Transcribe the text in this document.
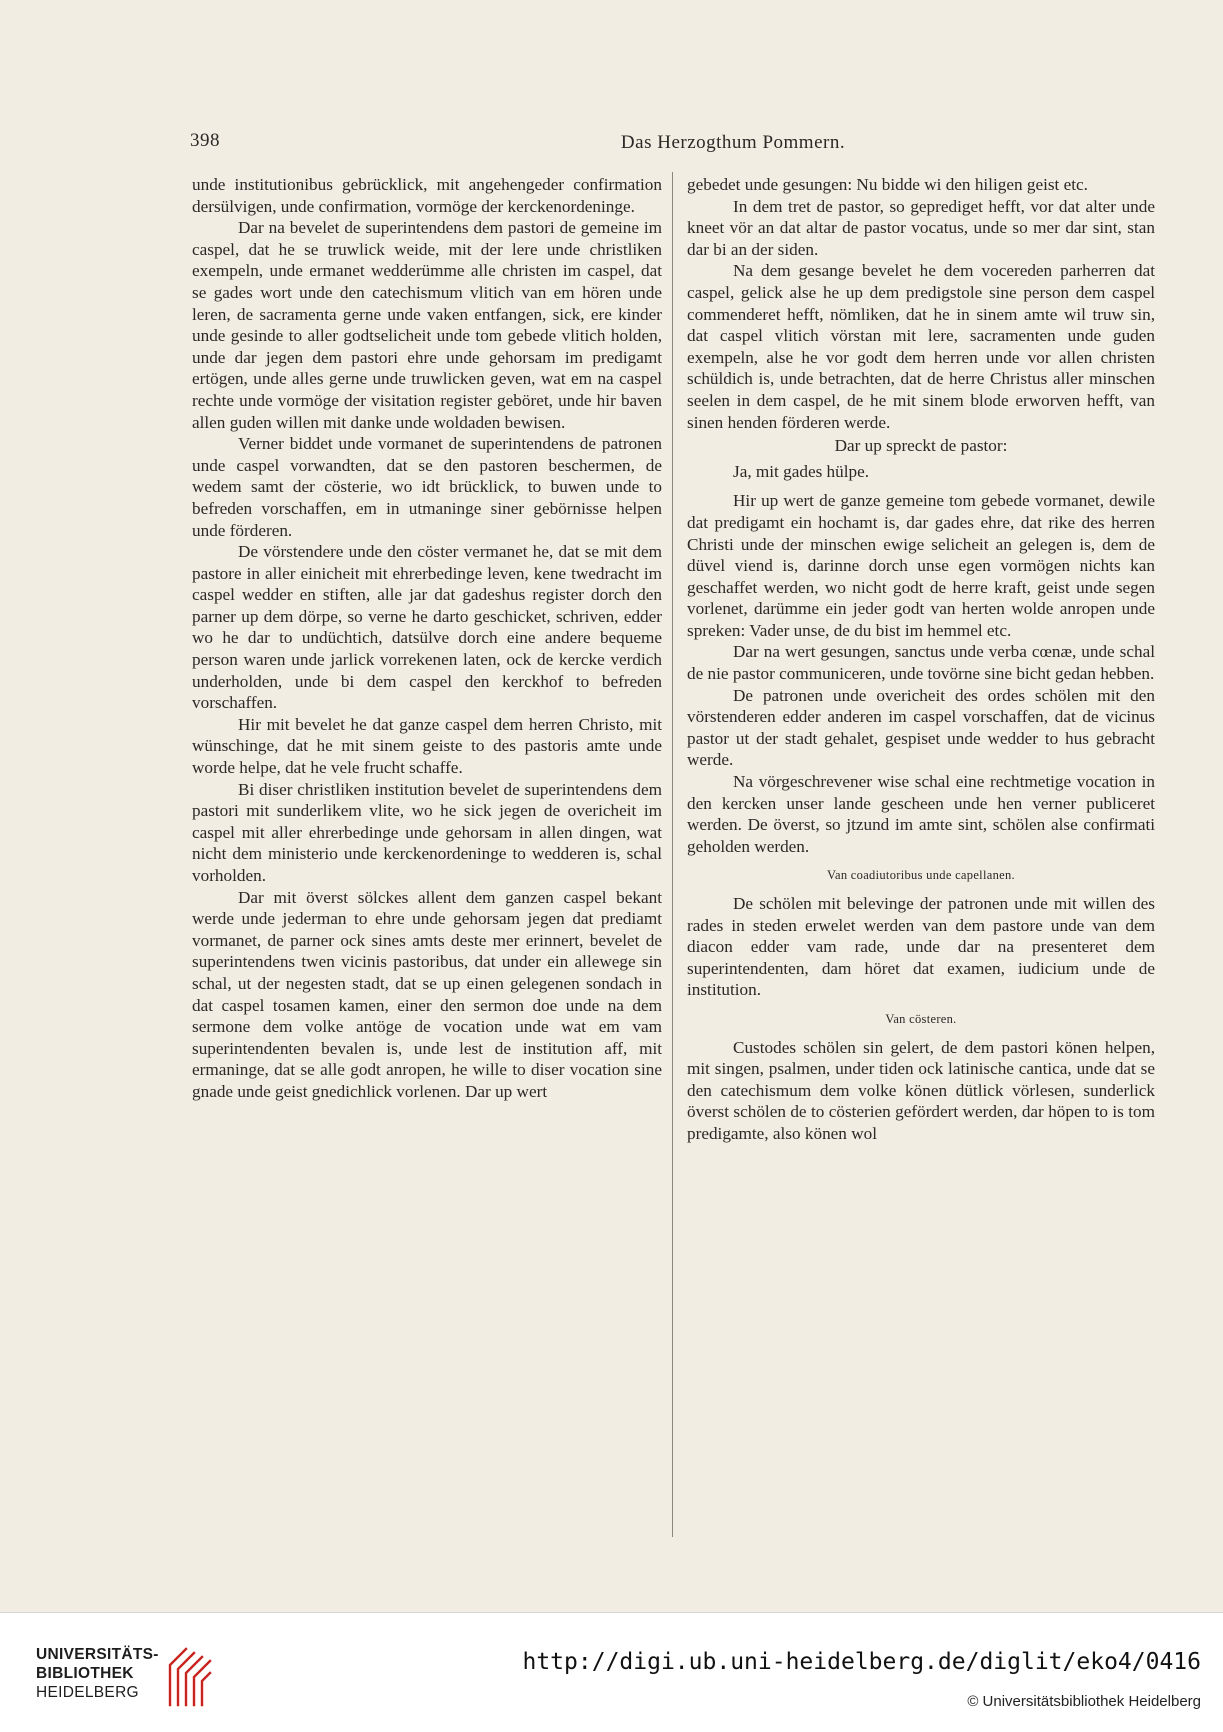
398	Das Herzogthum Pommern.

unde institutionibus gebrücklick, mit angehengeder confirmation dersülvigen, unde confirmation, vormöge der kerckenordeninge.

Dar na bevelet de superintendens dem pastori de gemeine im caspel, dat he se truwlick weide, mit der lere unde christliken exempeln, unde ermanet wedderümme alle christen im caspel, dat se gades wort unde den catechismum vlitich van em hören unde leren, de sacramenta gerne unde vaken entfangen, sick, ere kinder unde gesinde to aller godtselicheit unde tom gebede vlitich holden, unde dar jegen dem pastori ehre unde gehorsam im predigamt ertögen, unde alles gerne unde truwlicken geven, wat em na caspel rechte unde vormöge der visitation register geböret, unde hir baven allen guden willen mit danke unde woldaden bewisen.

Verner biddet unde vormanet de superintendens de patronen unde caspel vorwandten, dat se den pastoren beschermen, de wedem samt der cösterie, wo idt brücklick, to buwen unde to befreden vorschaffen, em in utmaninge siner gebörnisse helpen unde förderen.

De vörstendere unde den cöster vermanet he, dat se mit dem pastore in aller einicheit mit ehrerbedinge leven, kene twedracht im caspel wedder en stiften, alle jar dat gadeshus register dorch den parner up dem dörpe, so verne he darto geschicket, schriven, edder wo he dar to undüchtich, datsülve dorch eine andere bequeme person waren unde jarlick vorrekenen laten, ock de kercke verdich underholden, unde bi dem caspel den kerckhof to befreden vorschaffen.

Hir mit bevelet he dat ganze caspel dem herren Christo, mit wünschinge, dat he mit sinem geiste to des pastoris amte unde worde helpe, dat he vele frucht schaffe.

Bi diser christliken institution bevelet de superintendens dem pastori mit sunderlikem vlite, wo he sick jegen de overicheit im caspel mit aller ehrerbedinge unde gehorsam in allen dingen, wat nicht dem ministerio unde kerckenordeninge to wedderen is, schal vorholden.

Dar mit överst sölckes allent dem ganzen caspel bekant werde unde jederman to ehre unde gehorsam jegen dat prediamt vormanet, de parner ock sines amts deste mer erinnert, bevelet de superintendens twen vicinis pastoribus, dat under ein allewege sin schal, ut der negesten stadt, dat se up einen gelegenen sondach in dat caspel tosamen kamen, einer den sermon doe unde na dem sermone dem volke antöge de vocation unde wat em vam superintendenten bevalen is, unde lest de institution aff, mit ermaninge, dat se alle godt anropen, he wille to diser vocation sine gnade unde geist gnedichlick vorlenen. Dar up wert

gebedet unde gesungen: Nu bidde wi den hiligen geist etc.

In dem tret de pastor, so geprediget hefft, vor dat alter unde kneet vör an dat altar de pastor vocatus, unde so mer dar sint, stan dar bi an der siden.

Na dem gesange bevelet he dem vocereden parherren dat caspel, gelick alse he up dem predigstole sine person dem caspel commenderet hefft, nömliken, dat he in sinem amte wil truw sin, dat caspel vlitich vörstan mit lere, sacramenten unde guden exempeln, alse he vor godt dem herren unde vor allen christen schüldich is, unde betrachten, dat de herre Christus aller minschen seelen in dem caspel, de he mit sinem blode erworven hefft, van sinen henden förderen werde.

Dar up spreckt de pastor:

Ja, mit gades hülpe.

Hir up wert de ganze gemeine tom gebede vormanet, dewile dat predigamt ein hochamt is, dar gades ehre, dat rike des herren Christi unde der minschen ewige selicheit an gelegen is, dem de düvel viend is, darinne dorch unse egen vormögen nichts kan geschaffet werden, wo nicht godt de herre kraft, geist unde segen vorlenet, darümme ein jeder godt van herten wolde anropen unde spreken: Vader unse, de du bist im hemmel etc.

Dar na wert gesungen, sanctus unde verba cœnæ, unde schal de nie pastor communiceren, unde tovörne sine bicht gedan hebben.

De patronen unde overicheit des ordes schölen mit den vörstenderen edder anderen im caspel vorschaffen, dat de vicinus pastor ut der stadt gehalet, gespiset unde wedder to hus gebracht werde.

Na vörgeschrevener wise schal eine rechtmetige vocation in den kercken unser lande gescheen unde hen verner publiceret werden. De överst, so jtzund im amte sint, schölen alse confirmati geholden werden.

Van coadiutoribus unde capellanen.

De schölen mit belevinge der patronen unde mit willen des rades in steden erwelet werden van dem pastore unde van dem diacon edder vam rade, unde dar na presenteret dem superintendenten, dam höret dat examen, iudicium unde de institution.

Van cösteren.

Custodes schölen sin gelert, de dem pastori könen helpen, mit singen, psalmen, under tiden ock latinische cantica, unde dat se den catechismum dem volke könen dütlick vörlesen, sunderlick överst schölen de to cösterien gefördert werden, dar höpen to is tom predigamte, also könen wol

UNIVERSITÄTS-
BIBLIOTHEK
HEIDELBERG
http://digi.ub.uni-heidelberg.de/diglit/eko4/0416
© Universitätsbibliothek Heidelberg
